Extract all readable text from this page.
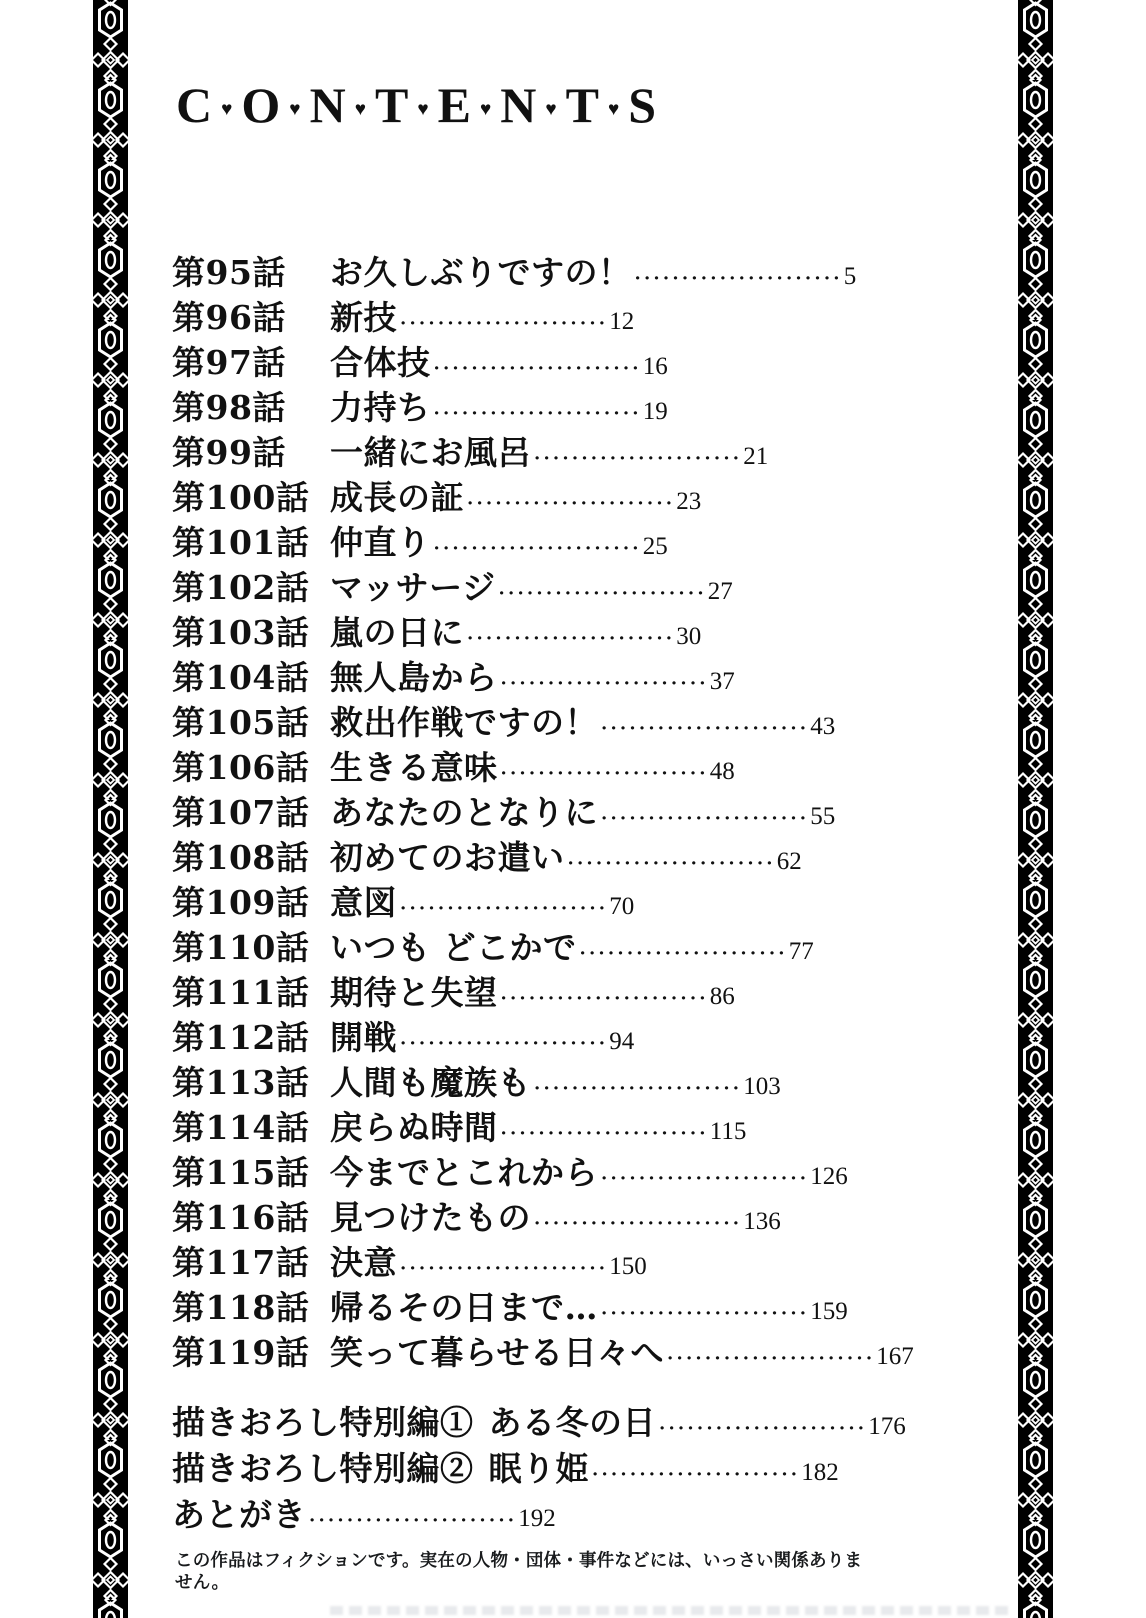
C ♥ O ♥ N ♥ T ♥ E ♥ N ♥ T ♥ S
第95話	お久しぶりですの！ ······················ 5
第96話	新技 ······················ 12
第97話	合体技 ······················ 16
第98話	力持ち ······················ 19
第99話	一緒にお風呂 ······················ 21
第100話 成長の証 ······················ 23
第101話 仲直り ······················ 25
第102話 マッサージ ······················ 27
第103話 嵐の日に ······················ 30
第104話 無人島から ······················ 37
第105話 救出作戦ですの！ ······················ 43
第106話 生きる意味 ······················ 48
第107話 あなたのとなりに ······················ 55
第108話 初めてのお遣い ······················ 62
第109話 意図 ······················ 70
第110話 いつも どこかで ······················ 77
第111話 期待と失望 ······················ 86
第112話 開戦 ······················ 94
第113話 人間も魔族も ······················ 103
第114話 戻らぬ時間 ······················ 115
第115話 今までとこれから ······················ 126
第116話 見つけたもの ······················ 136
第117話 決意 ······················ 150
第118話 帰るその日まで… ······················ 159
第119話 笑って暮らせる日々へ ······················ 167
描きおろし特別編① ある冬の日 ······················ 176
描きおろし特別編② 眠り姫 ······················ 182
あとがき ······················ 192
この作品はフィクションです。実在の人物・団体・事件などには、いっさい関係ありません。
